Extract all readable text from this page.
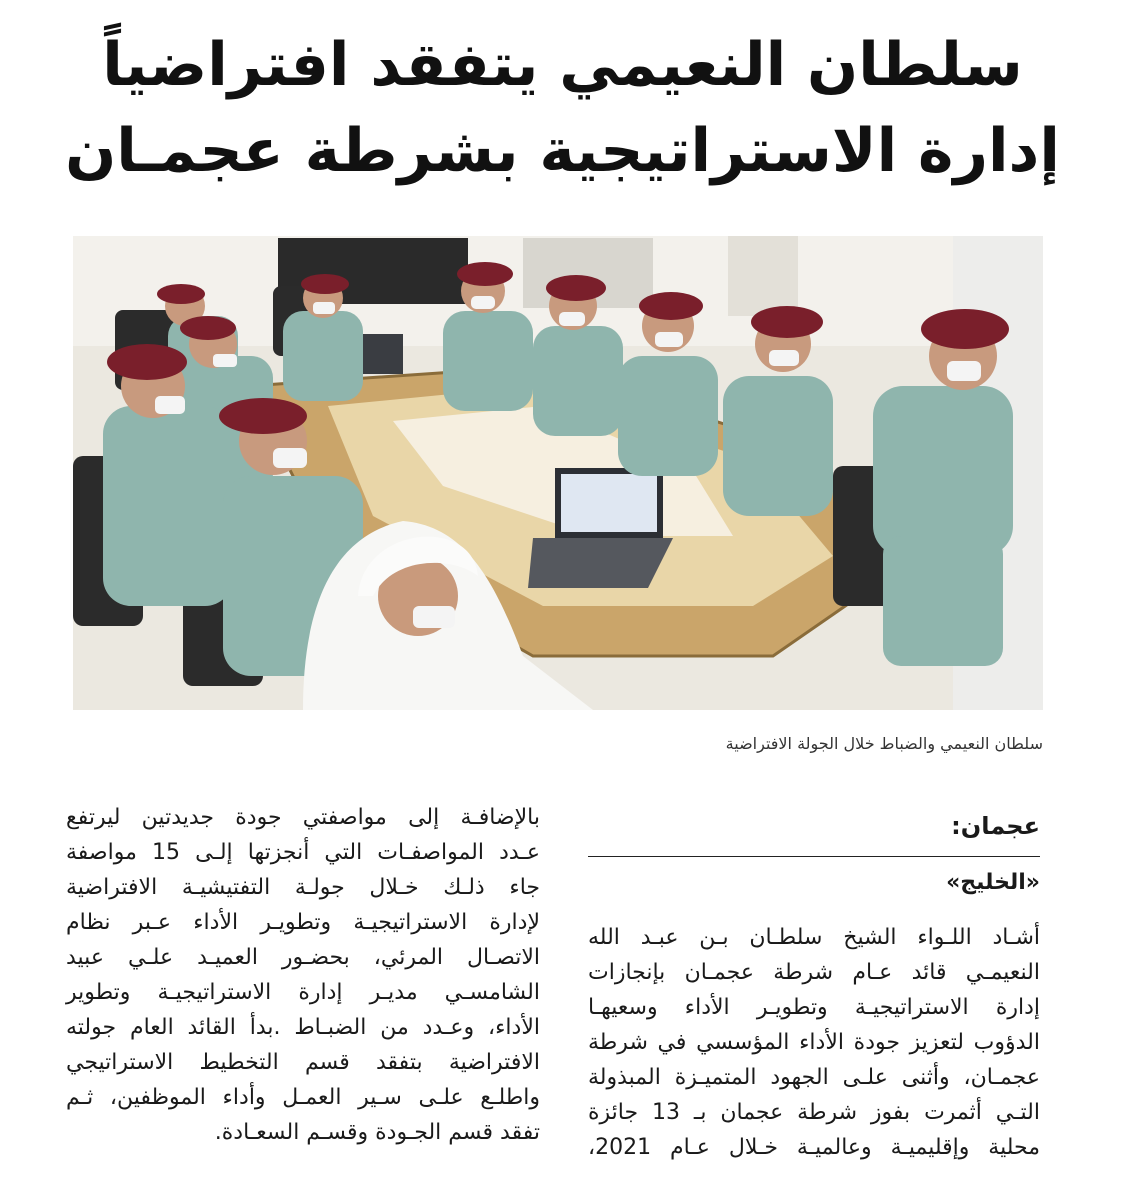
سلطان النعيمي يتفقد افتراضياً
إدارة الاستراتيجية بشرطة عجمـان
سلطان النعيمي والضباط خلال الجولة الافتراضية
عجمان:
«الخليج»
أشـاد اللـواء الشيخ سلطـان بـن عبـد الله
النعيمـي قائد عـام شرطة عجمـان بإنجازات
إدارة الاستراتيجيـة وتطويـر الأداء وسعيهـا
الدؤوب لتعزيز جودة الأداء المؤسسي في شرطة
عجمـان، وأثنى علـى الجهود المتميـزة المبذولة
التـي أثمرت بفوز شرطة عجمان بـ 13 جائزة
محلية وإقليميـة وعالميـة خـلال عـام 2021،
بالإضافـة إلى مواصفتي جودة جديدتين ليرتفع
عـدد المواصفـات التي أنجزتها إلـى 15 مواصفة
جاء ذلـك خـلال جولـة التفتيشيـة الافتراضية
لإدارة الاستراتيجيـة وتطويـر الأداء عـبر نظام
الاتصـال المرئي، بحضـور العميـد علـي عبيد
الشامسـي مديـر إدارة الاستراتيجيـة وتطوير
الأداء، وعـدد من الضبـاط .بدأ القائد العام جولته
الافتراضية بتفقد قسم التخطيط الاستراتيجي
واطلـع علـى سـير العمـل وأداء الموظفين، ثـم
تفقد قسم الجـودة وقسـم السعـادة.
